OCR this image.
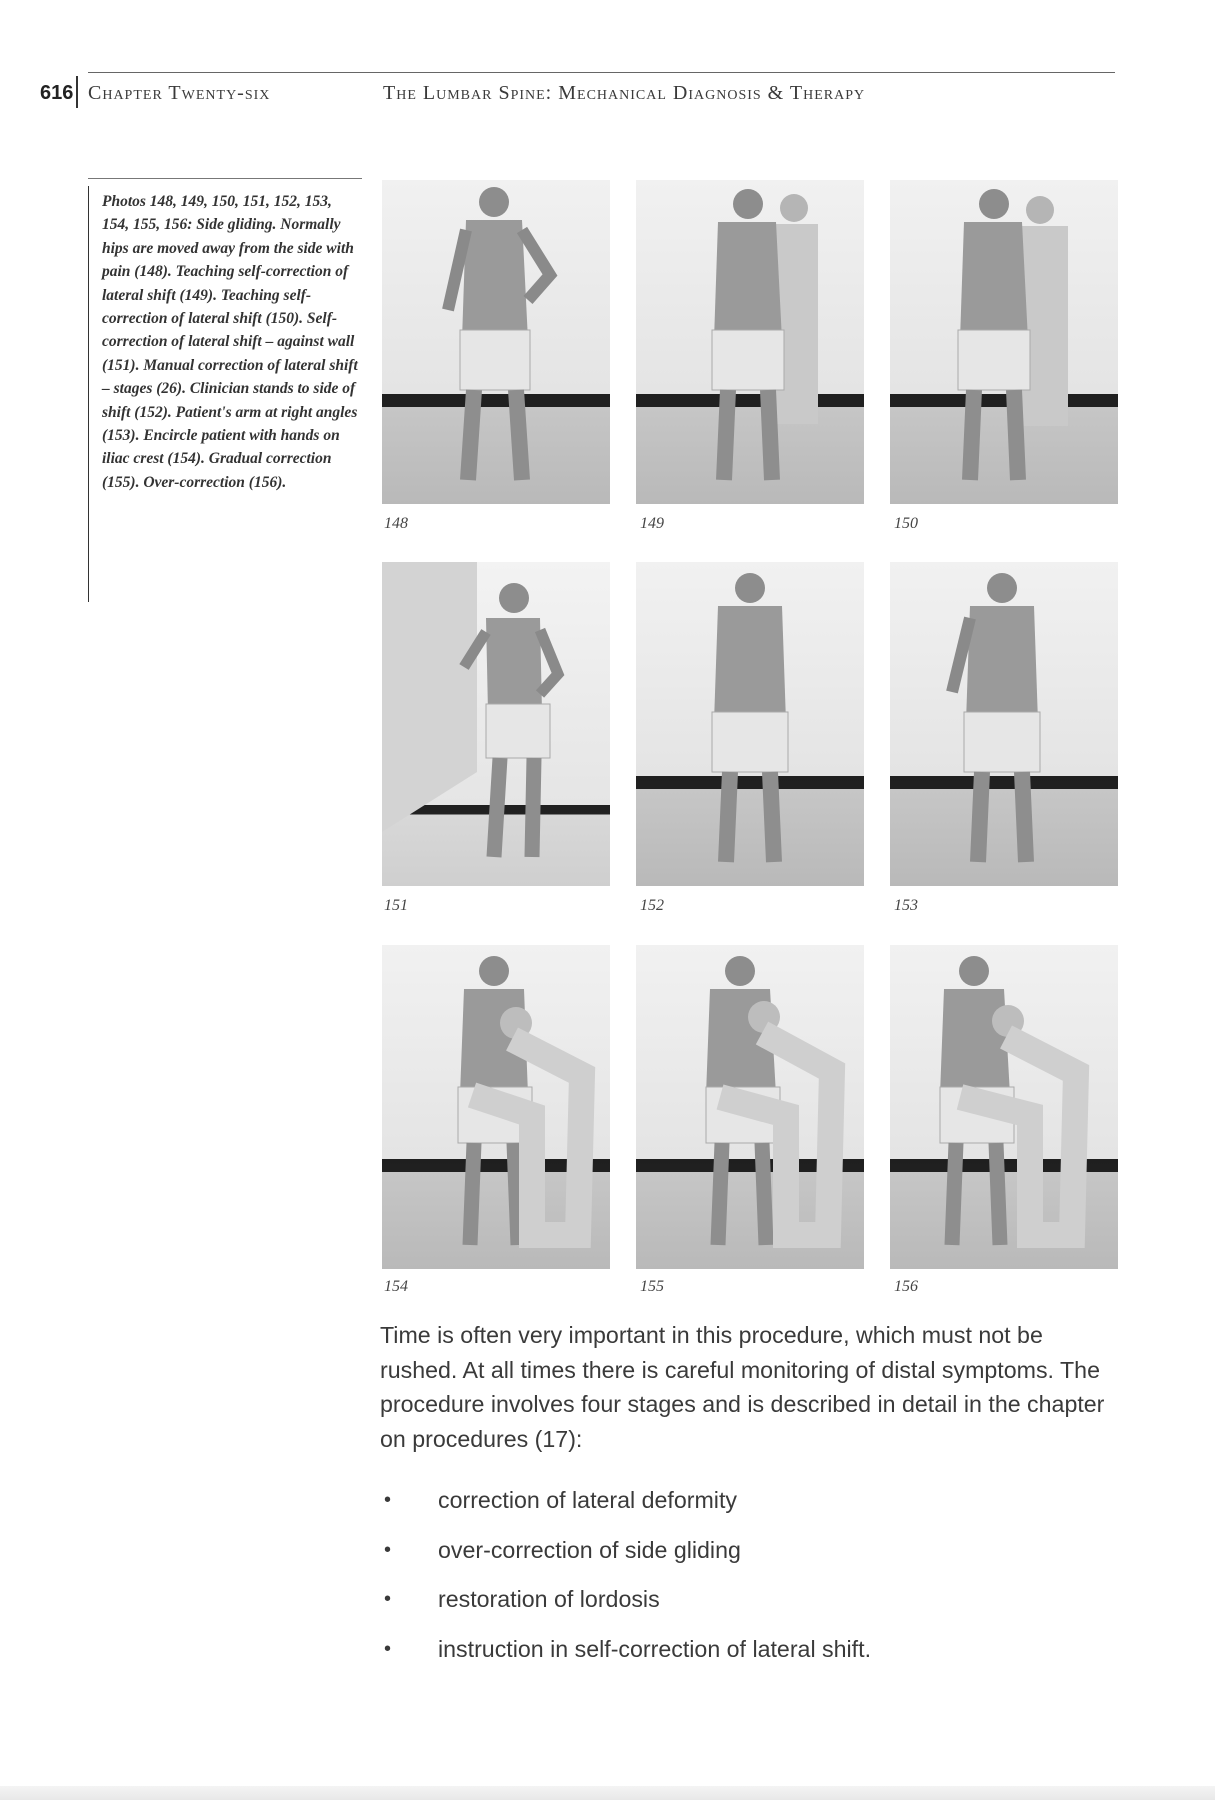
616 Chapter Twenty-six	The Lumbar Spine: Mechanical Diagnosis & Therapy
Photos 148, 149, 150, 151, 152, 153, 154, 155, 156: Side gliding. Normally hips are moved away from the side with pain (148). Teaching self-correction of lateral shift (149). Teaching self-correction of lateral shift (150). Self-correction of lateral shift – against wall (151). Manual correction of lateral shift – stages (26). Clinician stands to side of shift (152). Patient's arm at right angles (153). Encircle patient with hands on iliac crest (154). Gradual correction (155). Over-correction (156).
148	149	150
151	152	153
154	155	156

Time is often very important in this procedure, which must not be rushed. At all times there is careful monitoring of distal symptoms. The procedure involves four stages and is described in detail in the chapter on procedures (17):

• correction of lateral deformity
• over-correction of side gliding
• restoration of lordosis
• instruction in self-correction of lateral shift.
